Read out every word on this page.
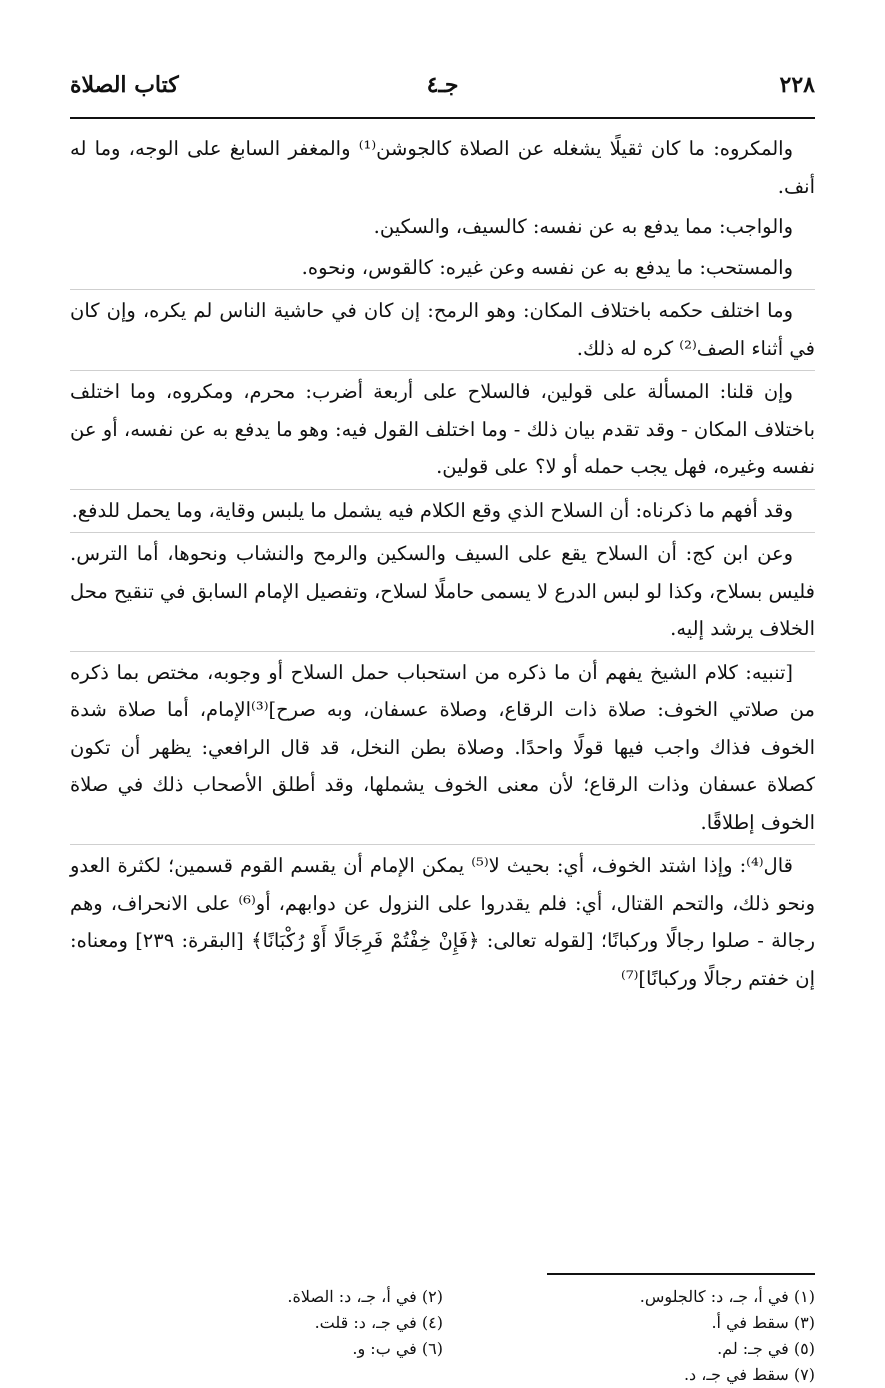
٢٢٨
جـ٤
كتاب الصلاة

والمكروه: ما كان ثقيلًا يشغله عن الصلاة كالجوشن⁽¹⁾ والمغفر السابغ على الوجه، وما له أنف.

والواجب: مما يدفع به عن نفسه: كالسيف، والسكين.

والمستحب: ما يدفع به عن نفسه وعن غيره: كالقوس، ونحوه.

وما اختلف حكمه باختلاف المكان: وهو الرمح: إن كان في حاشية الناس لم يكره، وإن كان في أثناء الصف⁽²⁾ كره له ذلك.

وإن قلنا: المسألة على قولين، فالسلاح على أربعة أضرب: محرم، ومكروه، وما اختلف باختلاف المكان - وقد تقدم بيان ذلك - وما اختلف القول فيه: وهو ما يدفع به عن نفسه، أو عن نفسه وغيره، فهل يجب حمله أو لا؟ على قولين.

وقد أفهم ما ذكرناه: أن السلاح الذي وقع الكلام فيه يشمل ما يلبس وقاية، وما يحمل للدفع.

وعن ابن كج: أن السلاح يقع على السيف والسكين والرمح والنشاب ونحوها، أما الترس. فليس بسلاح، وكذا لو لبس الدرع لا يسمى حاملًا لسلاح، وتفصيل الإمام السابق في تنقيح محل الخلاف يرشد إليه.

[تنبيه: كلام الشيخ يفهم أن ما ذكره من استحباب حمل السلاح أو وجوبه، مختص بما ذكره من صلاتي الخوف: صلاة ذات الرقاع، وصلاة عسفان، وبه صرح]⁽³⁾الإمام، أما صلاة شدة الخوف فذاك واجب فيها قولًا واحدًا. وصلاة بطن النخل، قد قال الرافعي: يظهر أن تكون كصلاة عسفان وذات الرقاع؛ لأن معنى الخوف يشملها، وقد أطلق الأصحاب ذلك في صلاة الخوف إطلاقًا.

قال⁽⁴⁾: وإذا اشتد الخوف، أي: بحيث لا⁽⁵⁾ يمكن الإمام أن يقسم القوم قسمين؛ لكثرة العدو ونحو ذلك، والتحم القتال، أي: فلم يقدروا على النزول عن دوابهم، أو⁽⁶⁾ على الانحراف، وهم رجالة - صلوا رجالًا وركبانًا؛ [لقوله تعالى: ﴿فَإِنْ خِفْتُمْ فَرِجَالًا أَوْ رُكْبَانًا﴾ [البقرة: ٢٣٩] ومعناه: إن خفتم رجالًا وركبانًا]⁽⁷⁾

(١) في أ، جـ، د: كالجلوس.
(٢) في أ، جـ، د: الصلاة.
(٣) سقط في أ.
(٤) في جـ، د: قلت.
(٥) في جـ: لم.
(٦) في ب: و.
(٧) سقط في جـ، د.
